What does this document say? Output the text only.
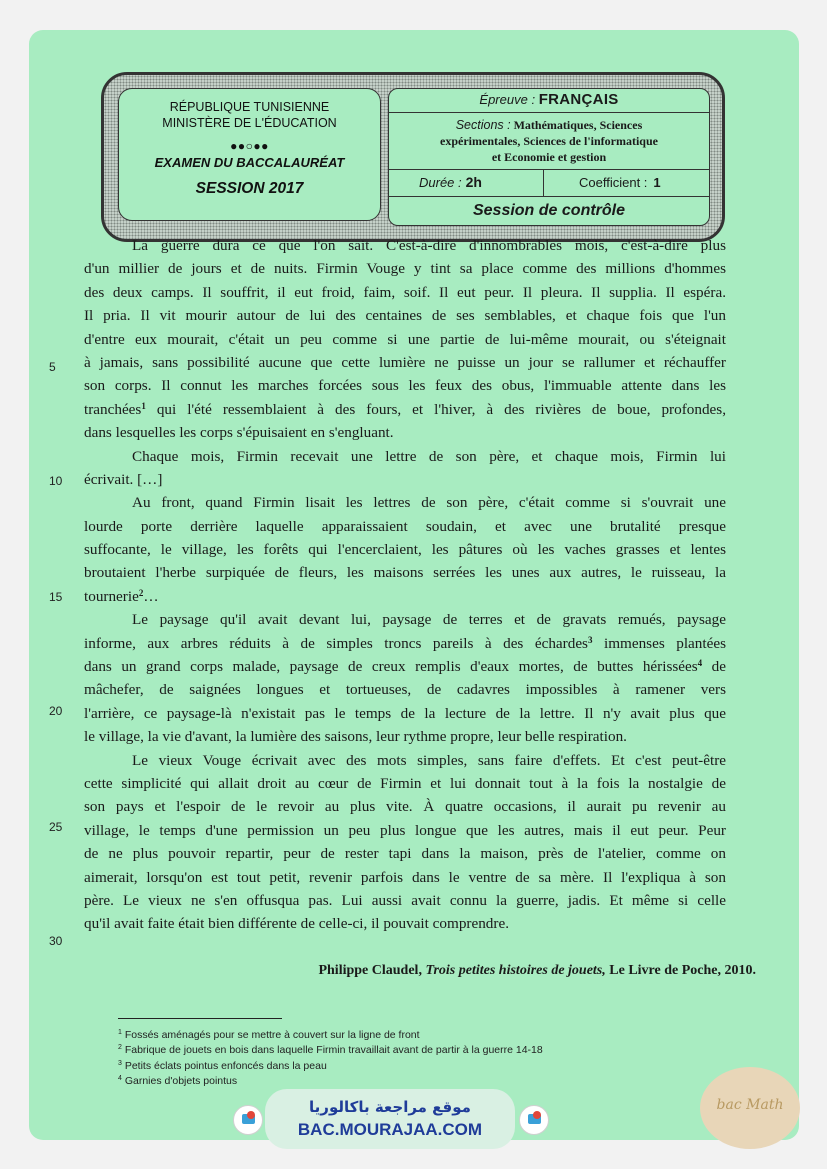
RÉPUBLIQUE TUNISIENNE
MINISTÈRE DE L'ÉDUCATION
●●○●●
EXAMEN DU BACCALAURÉAT
SESSION 2017
Épreuve : FRANÇAIS
Sections : Mathématiques, Sciences
expérimentales, Sciences de l'informatique
et Economie et gestion
Durée : 2h	Coefficient : 1
Session de contrôle
La guerre dura ce que l'on sait. C'est-à-dire d'innombrables mois, c'est-à-dire plus
d'un millier de jours et de nuits. Firmin Vouge y tint sa place comme des millions d'hommes
des deux camps. Il souffrit, il eut froid, faim, soif. Il eut peur. Il pleura. Il supplia. Il espéra.
Il pria. Il vit mourir autour de lui des centaines de ses semblables, et chaque fois que l'un
d'entre eux mourait, c'était un peu comme si une partie de lui-même mourait, ou s'éteignait
à jamais, sans possibilité aucune que cette lumière ne puisse un jour se rallumer et réchauffer
son corps. Il connut les marches forcées sous les feux des obus, l'immuable attente dans les
tranchées$^1$ qui l'été ressemblaient à des fours, et l'hiver, à des rivières de boue, profondes,
dans lesquelles les corps s'épuisaient en s'engluant.
Chaque mois, Firmin recevait une lettre de son père, et chaque mois, Firmin lui
écrivait. […]
Au front, quand Firmin lisait les lettres de son père, c'était comme si s'ouvrait une
lourde porte derrière laquelle apparaissaient soudain, et avec une brutalité presque
suffocante, le village, les forêts qui l'encerclaient, les pâtures où les vaches grasses et lentes
broutaient l'herbe surpiquée de fleurs, les maisons serrées les unes aux autres, le ruisseau, la
tournerie$^2$…
Le paysage qu'il avait devant lui, paysage de terres et de gravats remués, paysage
informe, aux arbres réduits à de simples troncs pareils à des échardes$^3$ immenses plantées
dans un grand corps malade, paysage de creux remplis d'eaux mortes, de buttes hérissées$^4$ de
mâchefer, de saignées longues et tortueuses, de cadavres impossibles à ramener vers
l'arrière, ce paysage-là n'existait pas le temps de la lecture de la lettre. Il n'y avait plus que
le village, la vie d'avant, la lumière des saisons, leur rythme propre, leur belle respiration.
Le vieux Vouge écrivait avec des mots simples, sans faire d'effets. Et c'est peut-être
cette simplicité qui allait droit au cœur de Firmin et lui donnait tout à la fois la nostalgie de
son pays et l'espoir de le revoir au plus vite. À quatre occasions, il aurait pu revenir au
village, le temps d'une permission un peu plus longue que les autres, mais il eut peur. Peur
de ne plus pouvoir repartir, peur de rester tapi dans la maison, près de l'atelier, comme on
aimerait, lorsqu'on est tout petit, revenir parfois dans le ventre de sa mère. Il l'expliqua à son
père. Le vieux ne s'en offusqua pas. Lui aussi avait connu la guerre, jadis. Et même si celle
qu'il avait faite était bien différente de celle-ci, il pouvait comprendre.
5
10
15
20
25
30
Philippe Claudel, Trois petites histoires de jouets, Le Livre de Poche, 2010.
$^1$ Fossés aménagés pour se mettre à couvert sur la ligne de front
$^2$ Fabrique de jouets en bois dans laquelle Firmin travaillait avant de partir à la guerre 14-18
$^3$ Petits éclats pointus enfoncés dans la peau
$^4$ Garnies d'objets pointus
موقع مراجعة باكالوريا
BAC.MOURAJAA.COM
bac Math
